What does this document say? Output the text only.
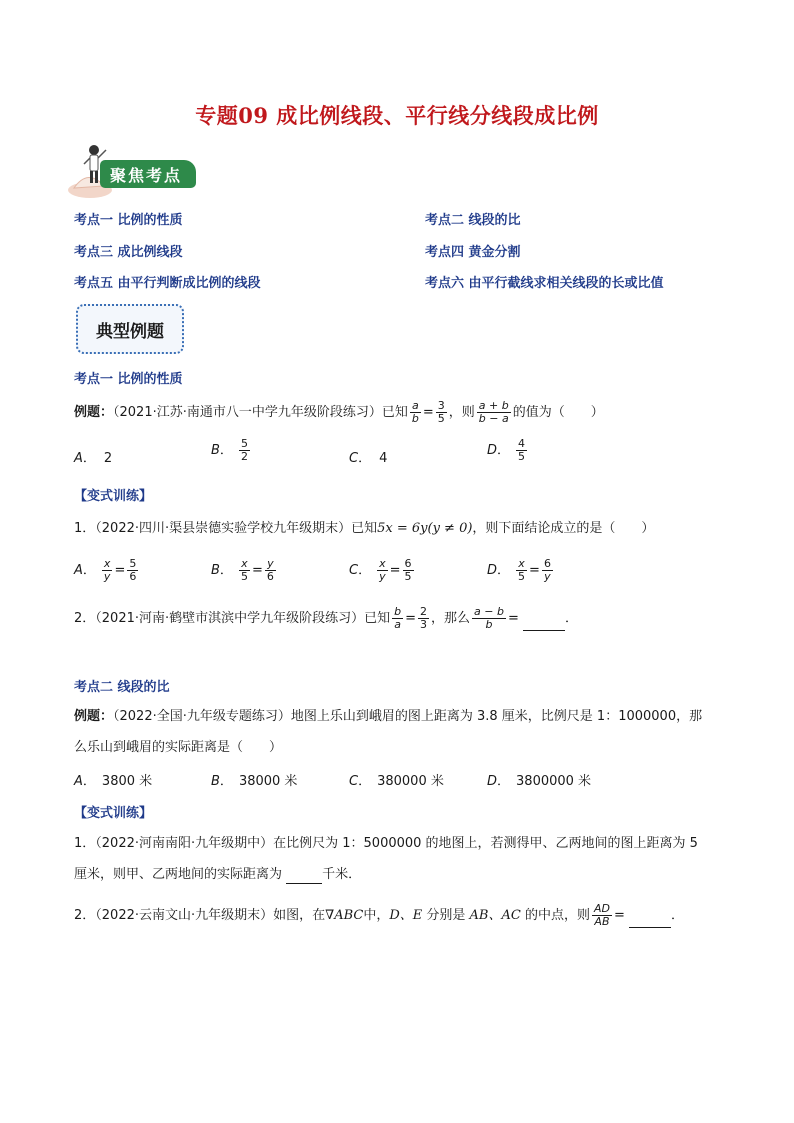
专题09 成比例线段、平行线分线段成比例
聚焦考点
考点一 比例的性质	考点二 线段的比
考点三 成比例线段	考点四 黄金分割
考点五 由平行判断成比例的线段	考点六 由平行截线求相关线段的长或比值
典型例题
考点一 比例的性质
例题：（2021·江苏·南通市八一中学九年级阶段练习）已知 $\frac{a}{b} = \frac{3}{5}$ ，则 $\frac{a + b}{b - a}$ 的值为（　　）
A． 2
B． $\frac{5}{2}$	C． 4
D． $\frac{4}{5}$
【变式训练】
1．（2022·四川·渠县崇德实验学校九年级期末）已知5x = 6y(y ≠ 0)，则下面结论成立的是（　　）
A． $\frac{x}{y} = \frac{5}{6}$	B． $\frac{x}{5} = \frac{y}{6}$	C． $\frac{x}{y} = \frac{6}{5}$	D． $\frac{x}{5} = \frac{6}{y}$
2．（2021·河南·鹤壁市淇滨中学九年级阶段练习）已知 $\frac{b}{a} = \frac{2}{3}$ ，那么 $\frac{a - b}{b}$ =	．
考点二 线段的比
例题：（2022·全国·九年级专题练习）地图上乐山到峨眉的图上距离为 3.8 厘米，比例尺是 1：1000000，那
么乐山到峨眉的实际距离是（　　）
A． 3800 米	B． 38000 米	C． 380000 米	D． 3800000 米
【变式训练】
1．（2022·河南南阳·九年级期中）在比例尺为 1：5000000 的地图上，若测得甲、乙两地间的图上距离为 5
厘米，则甲、乙两地间的实际距离为	千米．
2．（2022·云南文山·九年级期末）如图，在∇ABC中，D、E 分别是 AB、AC 的中点，则 $\frac{AD}{AB}$ =	．
